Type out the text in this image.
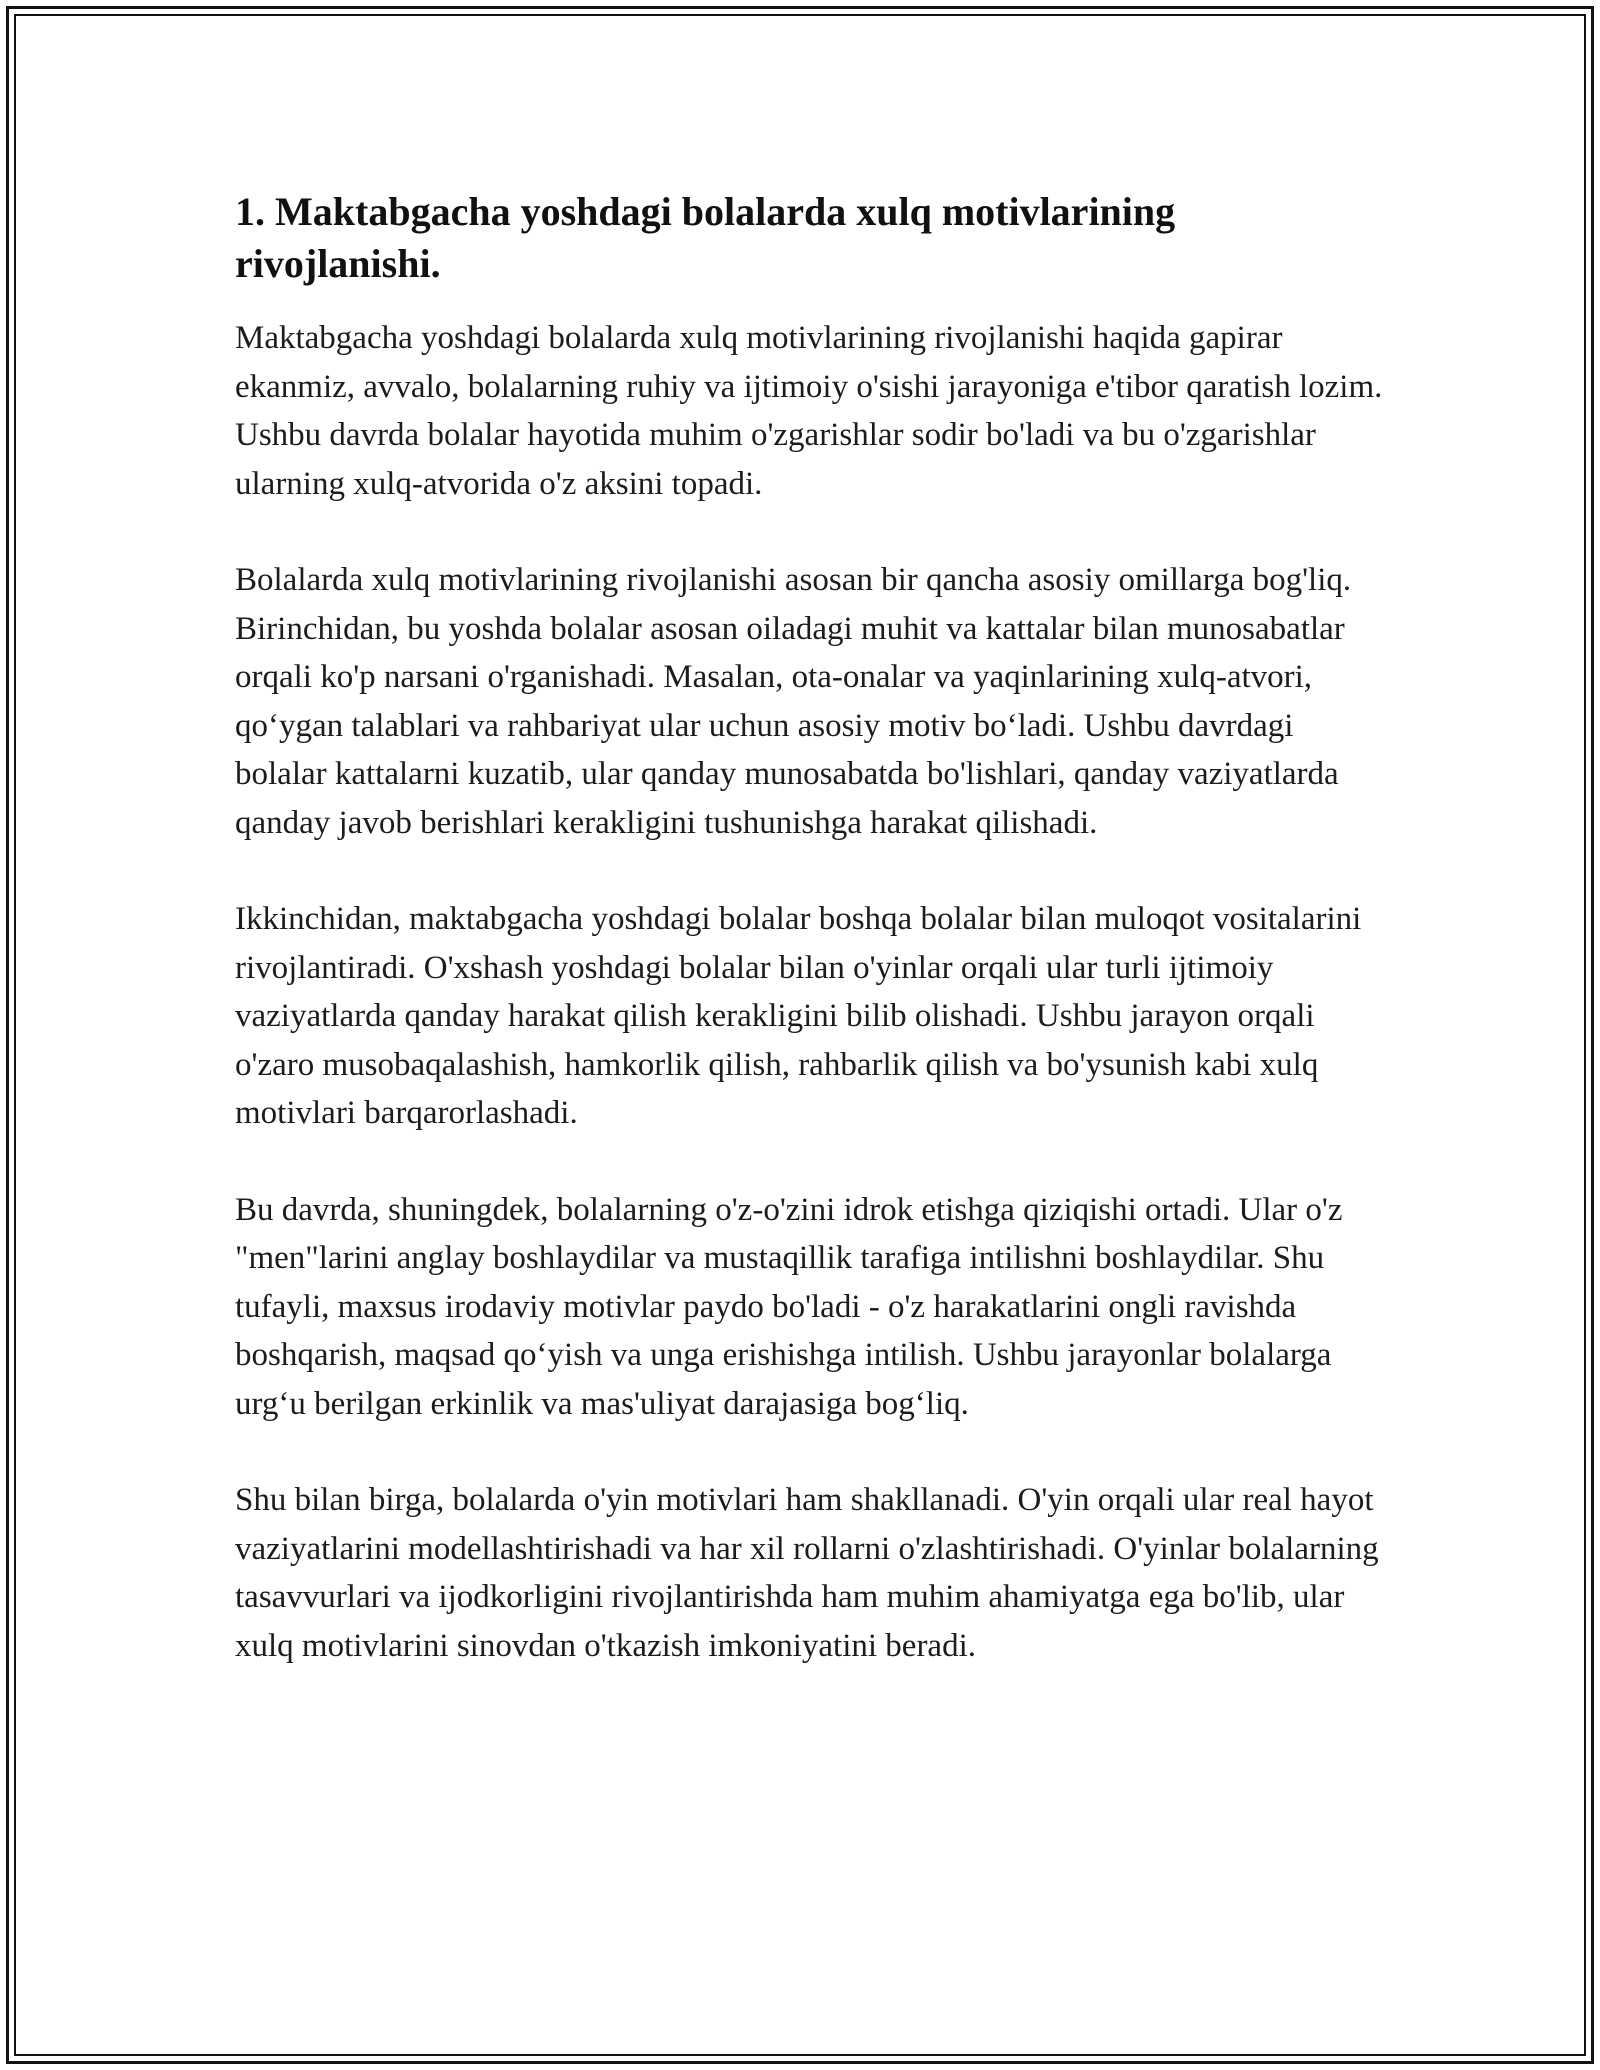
1. Maktabgacha yoshdagi bolalarda xulq motivlarining rivojlanishi.

Maktabgacha yoshdagi bolalarda xulq motivlarining rivojlanishi haqida gapirar ekanmiz, avvalo, bolalarning ruhiy va ijtimoiy o'sishi jarayoniga e'tibor qaratish lozim. Ushbu davrda bolalar hayotida muhim o'zgarishlar sodir bo'ladi va bu o'zgarishlar ularning xulq-atvorida o'z aksini topadi.

Bolalarda xulq motivlarining rivojlanishi asosan bir qancha asosiy omillarga bog'liq. Birinchidan, bu yoshda bolalar asosan oiladagi muhit va kattalar bilan munosabatlar orqali ko'p narsani o'rganishadi. Masalan, ota-onalar va yaqinlarining xulq-atvori, qo‘ygan talablari va rahbariyat ular uchun asosiy motiv bo‘ladi. Ushbu davrdagi bolalar kattalarni kuzatib, ular qanday munosabatda bo'lishlari, qanday vaziyatlarda qanday javob berishlari kerakligini tushunishga harakat qilishadi.

Ikkinchidan, maktabgacha yoshdagi bolalar boshqa bolalar bilan muloqot vositalarini rivojlantiradi. O'xshash yoshdagi bolalar bilan o'yinlar orqali ular turli ijtimoiy vaziyatlarda qanday harakat qilish kerakligini bilib olishadi. Ushbu jarayon orqali o'zaro musobaqalashish, hamkorlik qilish, rahbarlik qilish va bo'ysunish kabi xulq motivlari barqarorlashadi.

Bu davrda, shuningdek, bolalarning o'z-o'zini idrok etishga qiziqishi ortadi. Ular o'z "men"larini anglay boshlaydilar va mustaqillik tarafiga intilishni boshlaydilar. Shu tufayli, maxsus irodaviy motivlar paydo bo'ladi - o'z harakatlarini ongli ravishda boshqarish, maqsad qo‘yish va unga erishishga intilish. Ushbu jarayonlar bolalarga urg‘u berilgan erkinlik va mas'uliyat darajasiga bog‘liq.

Shu bilan birga, bolalarda o'yin motivlari ham shakllanadi. O'yin orqali ular real hayot vaziyatlarini modellashtirishadi va har xil rollarni o'zlashtirishadi. O'yinlar bolalarning tasavvurlari va ijodkorligini rivojlantirishda ham muhim ahamiyatga ega bo'lib, ular xulq motivlarini sinovdan o'tkazish imkoniyatini beradi.
